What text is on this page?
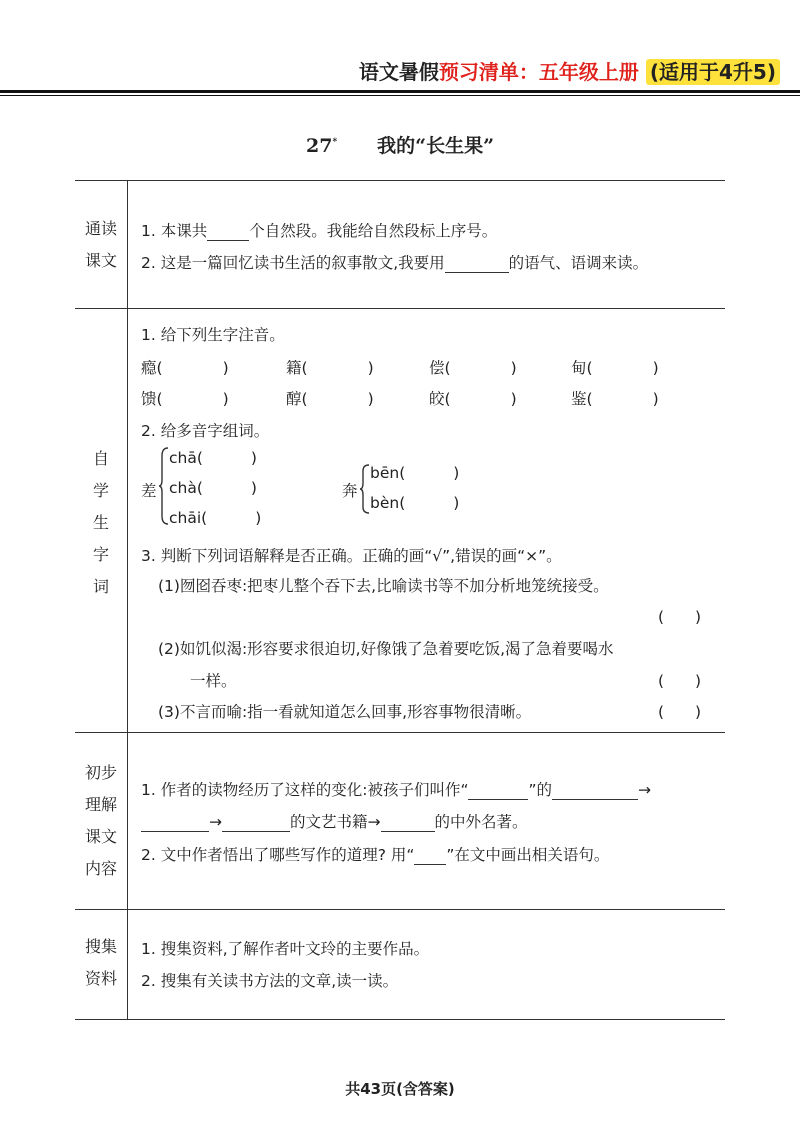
语文暑假预习清单：五年级上册 (适用于4升5)
27* 我的“长生果”
通读
课文
1. 本课共	个自然段。我能给自然段标上序号。
2. 这是一篇回忆读书生活的叙事散文,我要用	的语气、语调来读。
自
学
生
字
词
1. 给下列生字注音。
瘾(	)	籍(	)	偿(	)	甸(	)
馈(	)	醇(	)	皎(	)	鉴(	)
2. 给多音字组词。
差
chā(	)
chà(	)
chāi(	)
奔
bēn(	)
bèn(	)
3. 判断下列词语解释是否正确。正确的画“√”,错误的画“×”。
(1)囫囵吞枣:把枣儿整个吞下去,比喻读书等不加分析地笼统接受。
(　　)
(2)如饥似渴:形容要求很迫切,好像饿了急着要吃饭,渴了急着要喝水
一样。	(　　)
(3)不言而喻:指一看就知道怎么回事,形容事物很清晰。	(　　)
初步
理解
课文
内容
1. 作者的读物经历了这样的变化:被孩子们叫作“	”的	→
→	的文艺书籍→	的中外名著。
2. 文中作者悟出了哪些写作的道理? 用“ ”在文中画出相关语句。
搜集
资料
1. 搜集资料,了解作者叶文玲的主要作品。
2. 搜集有关读书方法的文章,读一读。
共43页(含答案)
